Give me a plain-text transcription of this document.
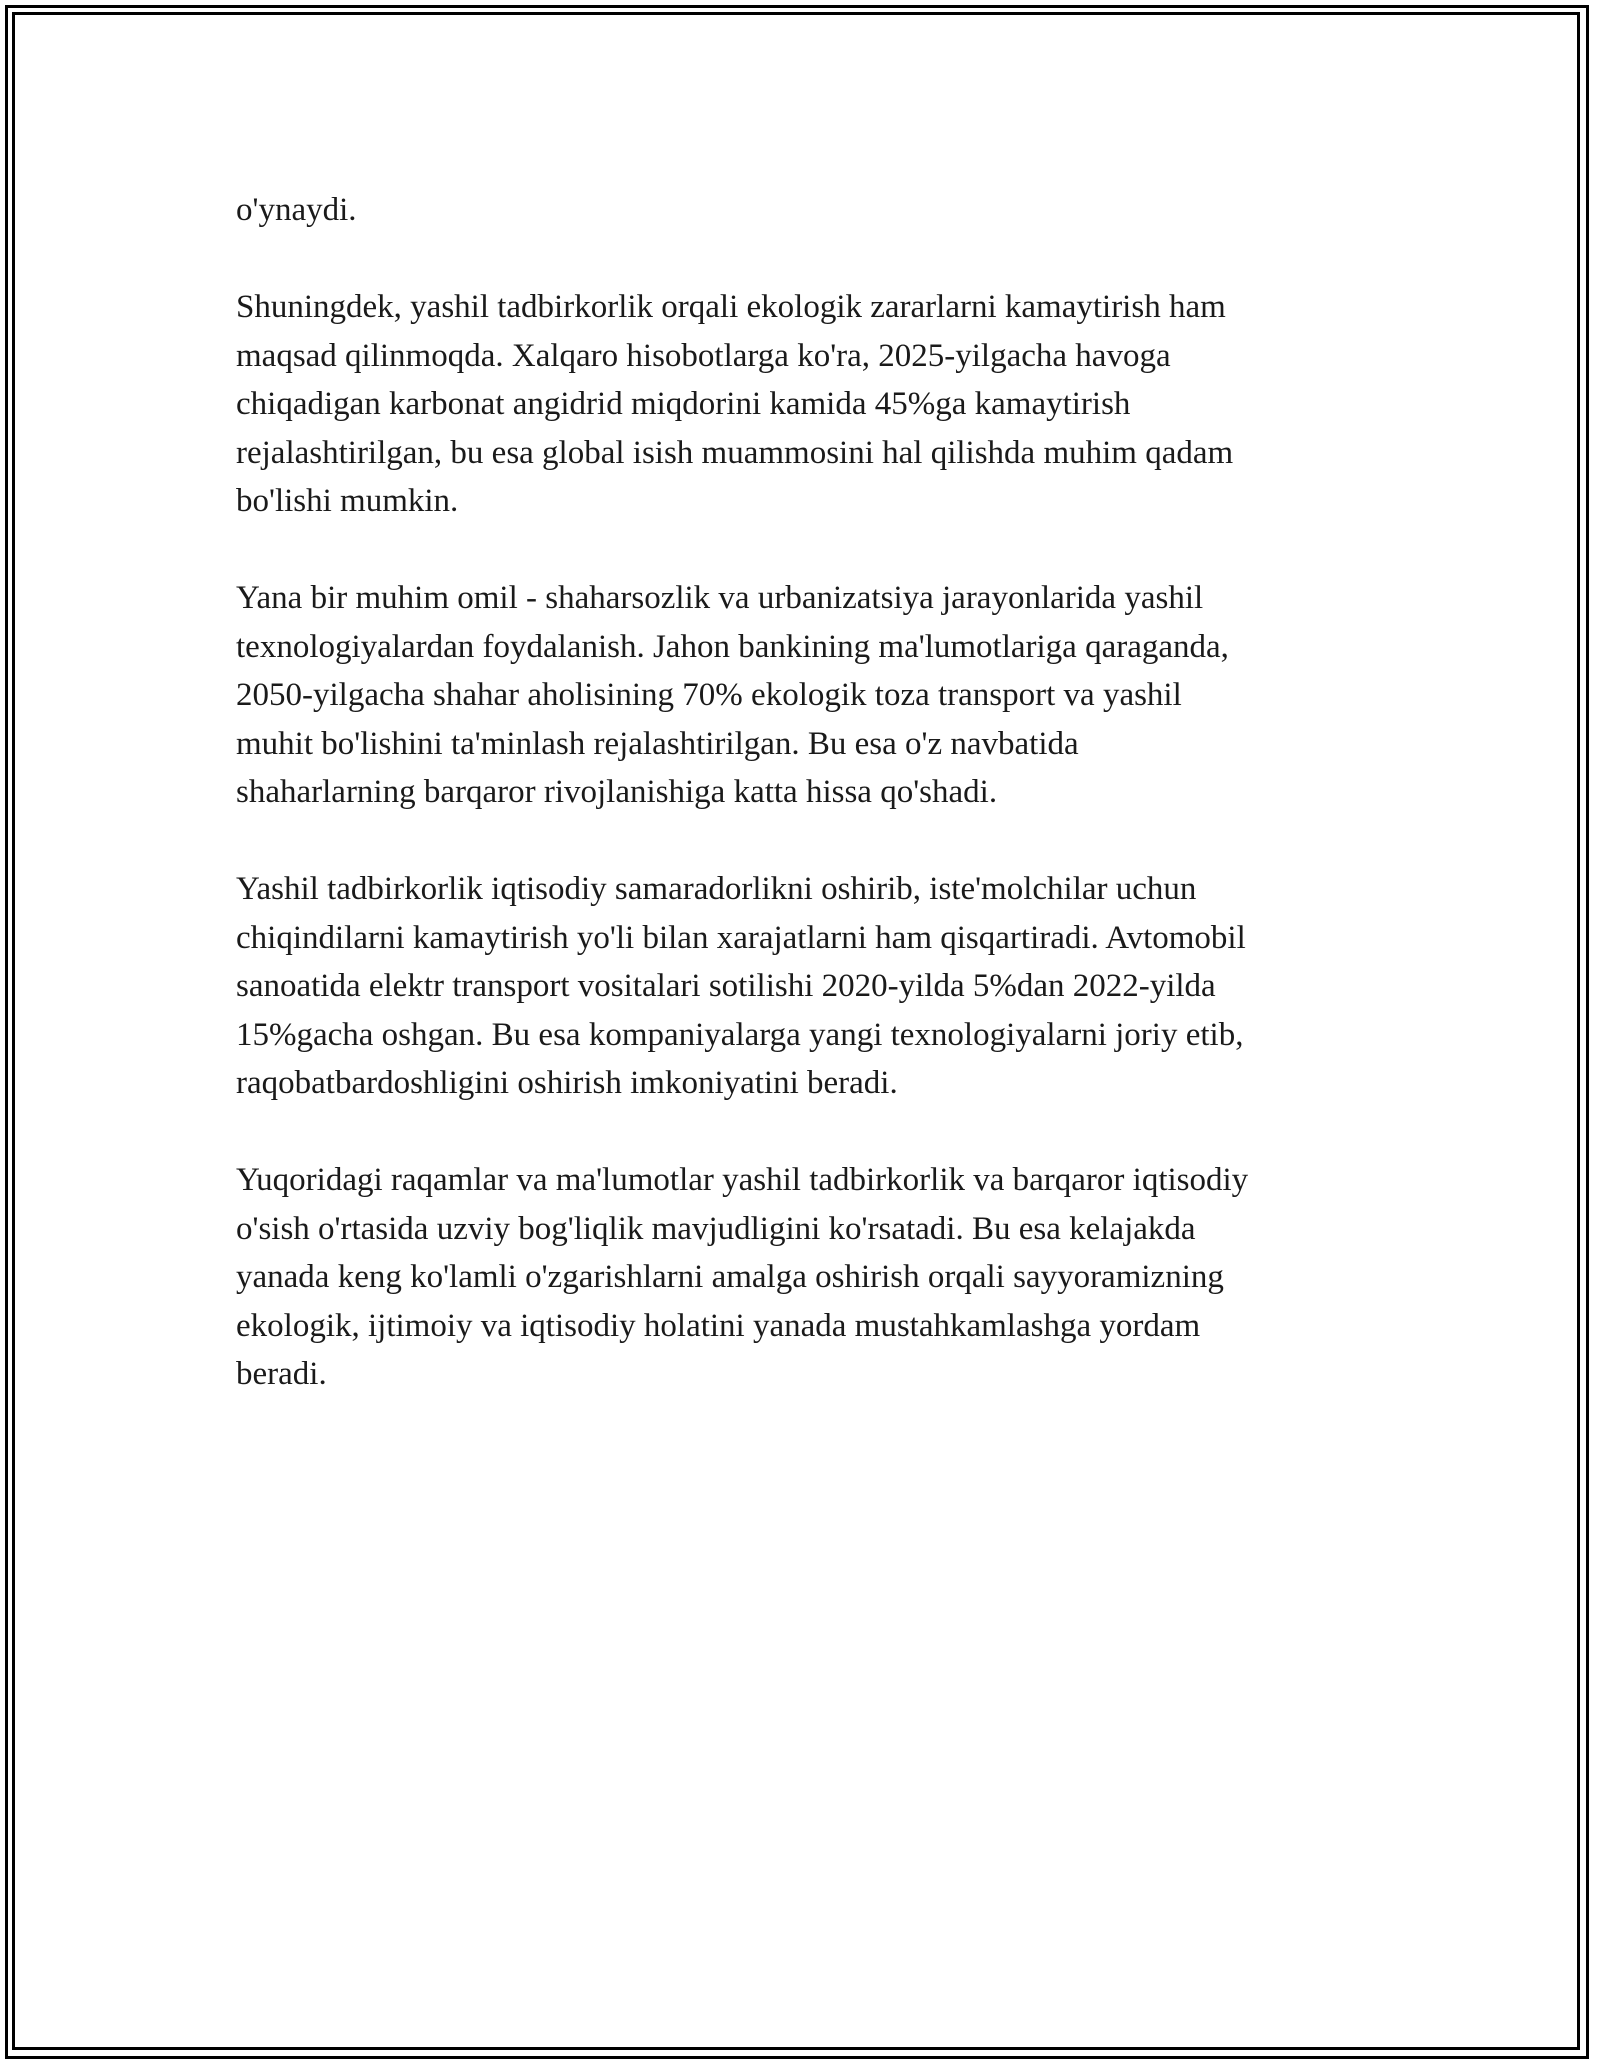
o'ynaydi.

Shuningdek, yashil tadbirkorlik orqali ekologik zararlarni kamaytirish ham
maqsad qilinmoqda. Xalqaro hisobotlarga ko'ra, 2025-yilgacha havoga
chiqadigan karbonat angidrid miqdorini kamida 45%ga kamaytirish
rejalashtirilgan, bu esa global isish muammosini hal qilishda muhim qadam
bo'lishi mumkin.

Yana bir muhim omil - shaharsozlik va urbanizatsiya jarayonlarida yashil
texnologiyalardan foydalanish. Jahon bankining ma'lumotlariga qaraganda,
2050-yilgacha shahar aholisining 70% ekologik toza transport va yashil
muhit bo'lishini ta'minlash rejalashtirilgan. Bu esa o'z navbatida
shaharlarning barqaror rivojlanishiga katta hissa qo'shadi.

Yashil tadbirkorlik iqtisodiy samaradorlikni oshirib, iste'molchilar uchun
chiqindilarni kamaytirish yo'li bilan xarajatlarni ham qisqartiradi. Avtomobil
sanoatida elektr transport vositalari sotilishi 2020-yilda 5%dan 2022-yilda
15%gacha oshgan. Bu esa kompaniyalarga yangi texnologiyalarni joriy etib,
raqobatbardoshligini oshirish imkoniyatini beradi.

Yuqoridagi raqamlar va ma'lumotlar yashil tadbirkorlik va barqaror iqtisodiy
o'sish o'rtasida uzviy bog'liqlik mavjudligini ko'rsatadi. Bu esa kelajakda
yanada keng ko'lamli o'zgarishlarni amalga oshirish orqali sayyoramizning
ekologik, ijtimoiy va iqtisodiy holatini yanada mustahkamlashga yordam
beradi.
